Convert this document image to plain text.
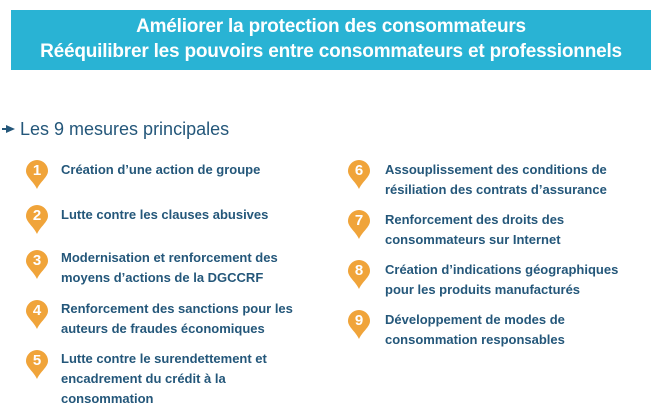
Améliorer la protection des consommateurs
Rééquilibrer les pouvoirs entre consommateurs et professionnels
Les 9 mesures principales
1	Création d’une action de groupe
2	Lutte contre les clauses abusives
3	Modernisation et renforcement des
moyens d’actions de la DGCCRF
4	Renforcement des sanctions pour les
auteurs de fraudes économiques
5	Lutte contre le surendettement et
encadrement du crédit à la
consommation
6	Assouplissement des conditions de
résiliation des contrats d’assurance
7	Renforcement des droits des
consommateurs sur Internet
8	Création d’indications géographiques
pour les produits manufacturés
9	Développement de modes de
consommation responsables
